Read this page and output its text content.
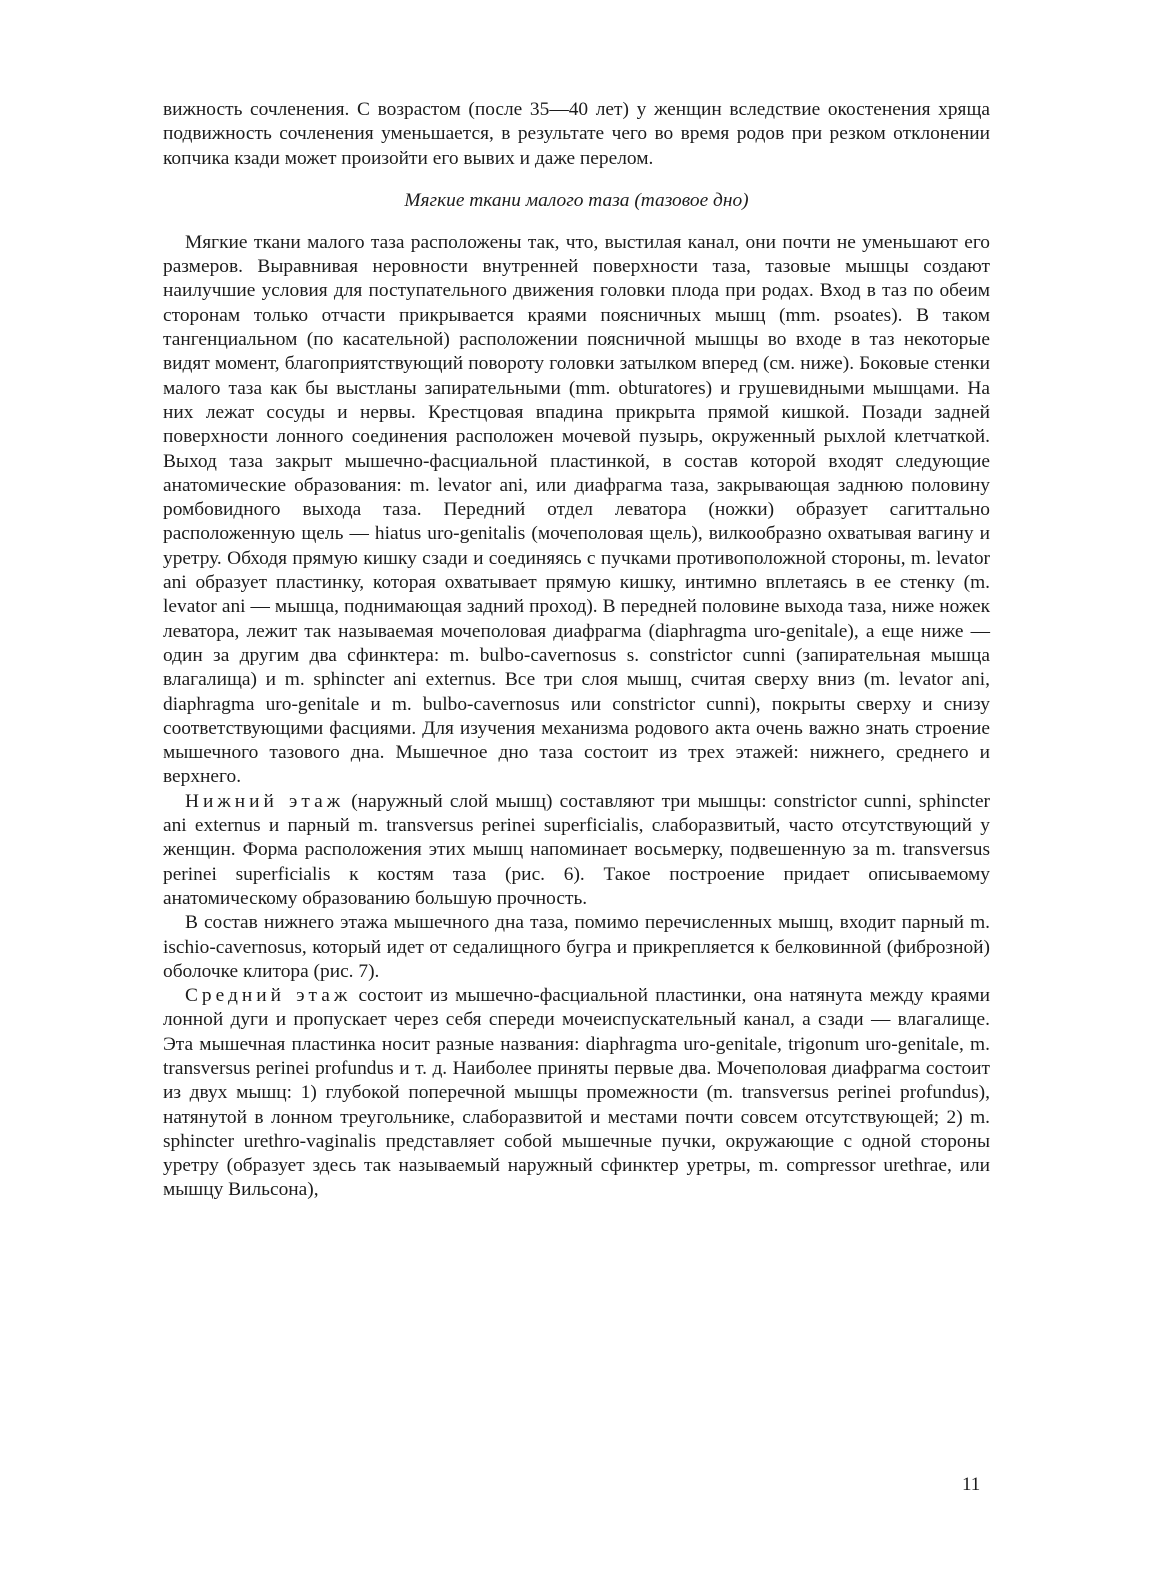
вижность сочленения. С возрастом (после 35—40 лет) у женщин вследствие окостенения хряща подвижность сочленения уменьшается, в результате чего во время родов при резком отклонении копчика кзади может произойти его вывих и даже перелом.

Мягкие ткани малого таза (тазовое дно)

Мягкие ткани малого таза расположены так, что, выстилая канал, они почти не уменьшают его размеров. Выравнивая неровности внутренней поверхности таза, тазовые мышцы создают наилучшие условия для поступательного движения головки плода при родах. Вход в таз по обеим сторонам только отчасти прикрывается краями поясничных мышц (mm. psoates). В таком тангенциальном (по касательной) расположении поясничной мышцы во входе в таз некоторые видят момент, благоприятствующий повороту головки затылком вперед (см. ниже). Боковые стенки малого таза как бы выстланы запирательными (mm. obturatores) и грушевидными мышцами. На них лежат сосуды и нервы. Крестцовая впадина прикрыта прямой кишкой. Позади задней поверхности лонного соединения расположен мочевой пузырь, окруженный рыхлой клетчаткой. Выход таза закрыт мышечно-фасциальной пластинкой, в состав которой входят следующие анатомические образования: m. levator ani, или диафрагма таза, закрывающая заднюю половину ромбовидного выхода таза. Передний отдел леватора (ножки) образует сагиттально расположенную щель — hiatus uro-genitalis (мочеполовая щель), вилкообразно охватывая вагину и уретру. Обходя прямую кишку сзади и соединяясь с пучками противоположной стороны, m. levator ani образует пластинку, которая охватывает прямую кишку, интимно вплетаясь в ее стенку (m. levator ani — мышца, поднимающая задний проход). В передней половине выхода таза, ниже ножек леватора, лежит так называемая мочеполовая диафрагма (diaphragma uro-genitale), а еще ниже — один за другим два сфинктера: m. bulbo-cavernosus s. constrictor cunni (запирательная мышца влагалища) и m. sphincter ani externus. Все три слоя мышц, считая сверху вниз (m. levator ani, diaphragma uro-genitale и m. bulbo-cavernosus или constrictor cunni), покрыты сверху и снизу соответствующими фасциями. Для изучения механизма родового акта очень важно знать строение мышечного тазового дна. Мышечное дно таза состоит из трех этажей: нижнего, среднего и верхнего.

Нижний этаж (наружный слой мышц) составляют три мышцы: constrictor cunni, sphincter ani externus и парный m. transversus perinei superficialis, слаборазвитый, часто отсутствующий у женщин. Форма расположения этих мышц напоминает восьмерку, подвешенную за m. transversus perinei superficialis к костям таза (рис. 6). Такое построение придает описываемому анатомическому образованию большую прочность.

В состав нижнего этажа мышечного дна таза, помимо перечисленных мышц, входит парный m. ischio-cavernosus, который идет от седалищного бугра и прикрепляется к белковинной (фиброзной) оболочке клитора (рис. 7).

Средний этаж состоит из мышечно-фасциальной пластинки, она натянута между краями лонной дуги и пропускает через себя спереди мочеиспускательный канал, а сзади — влагалище. Эта мышечная пластинка носит разные названия: diaphragma uro-genitale, trigonum uro-genitale, m. transversus perinei profundus и т. д. Наиболее приняты первые два. Мочеполовая диафрагма состоит из двух мышц: 1) глубокой поперечной мышцы промежности (m. transversus perinei profundus), натянутой в лонном треугольнике, слаборазвитой и местами почти совсем отсутствующей; 2) m. sphincter urethro-vaginalis представляет собой мышечные пучки, окружающие с одной стороны уретру (образует здесь так называемый наружный сфинктер уретры, m. compressor urethrae, или мышцу Вильсона),

11
